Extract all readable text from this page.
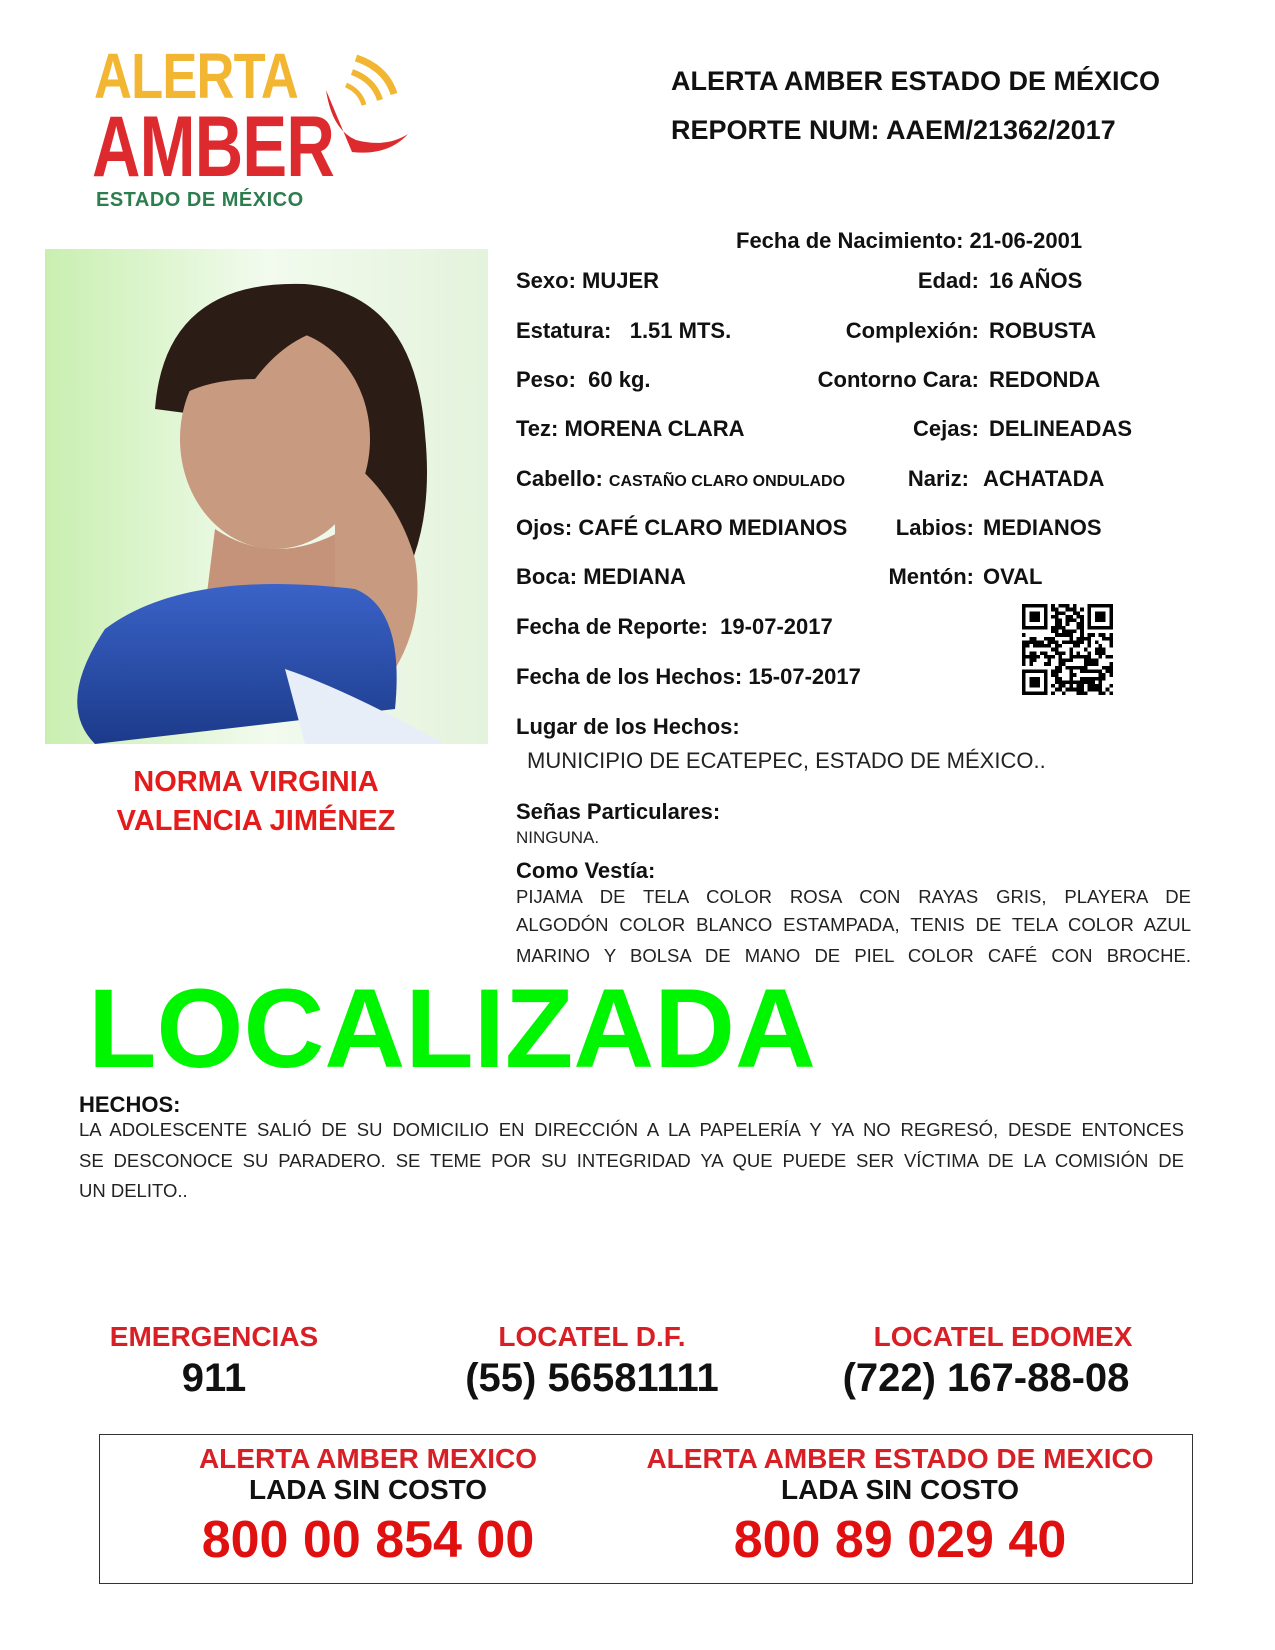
ALERTA
AMBER
ESTADO DE MÉXICO
ALERTA AMBER ESTADO DE MÉXICO
REPORTE NUM: AAEM/21362/2017
NORMA VIRGINIA
VALENCIA JIMÉNEZ
Fecha de Nacimiento: 21-06-2001
Sexo: MUJER	Edad: 16 AÑOS
Estatura: 1.51 MTS.	Complexión: ROBUSTA
Peso: 60 kg.	Contorno Cara: REDONDA
Tez: MORENA CLARA	Cejas: DELINEADAS
Cabello: CASTAÑO CLARO ONDULADO	Nariz: ACHATADA
Ojos: CAFÉ CLARO MEDIANOS Labios: MEDIANOS
Boca: MEDIANA	Mentón: OVAL
Fecha de Reporte: 19-07-2017
Fecha de los Hechos: 15-07-2017
Lugar de los Hechos:
MUNICIPIO DE ECATEPEC, ESTADO DE MÉXICO..
Señas Particulares:
NINGUNA.
Como Vestía:
PIJAMA DE TELA COLOR ROSA CON RAYAS GRIS, PLAYERA DE
ALGODÓN COLOR BLANCO ESTAMPADA, TENIS DE TELA COLOR AZUL
MARINO Y BOLSA DE MANO DE PIEL COLOR CAFÉ CON BROCHE.
LOCALIZADA
HECHOS:
LA ADOLESCENTE SALIÓ DE SU DOMICILIO EN DIRECCIÓN A LA PAPELERÍA Y YA NO REGRESÓ, DESDE ENTONCES
SE DESCONOCE SU PARADERO. SE TEME POR SU INTEGRIDAD YA QUE PUEDE SER VÍCTIMA DE LA COMISIÓN DE
UN DELITO..
EMERGENCIAS
911
LOCATEL D.F.
(55) 56581111
LOCATEL EDOMEX
(722) 167-88-08
ALERTA AMBER MEXICO
LADA SIN COSTO
800 00 854 00
ALERTA AMBER ESTADO DE MEXICO
LADA SIN COSTO
800 89 029 40
